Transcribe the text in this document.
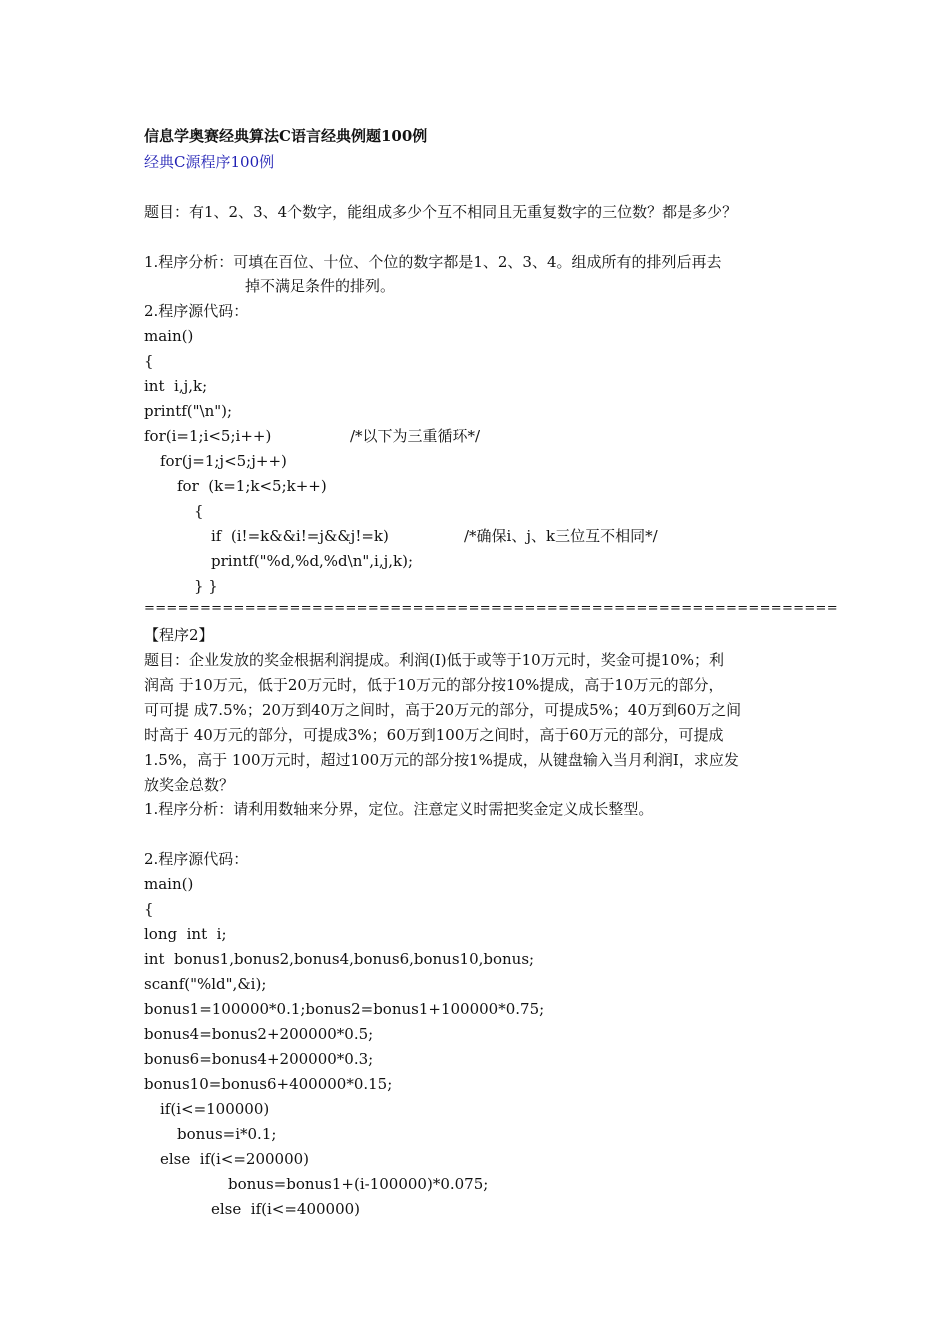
信息学奥赛经典算法C语言经典例题100例
经典C源程序100例
题目：有1、2、3、4个数字，能组成多少个互不相同且无重复数字的三位数？都是多少？
1.程序分析：可填在百位、十位、个位的数字都是1、2、3、4。组成所有的排列后再去
掉不满足条件的排列。
2.程序源代码：
main()
{
int  i,j,k;
printf("\n");
for(i=1;i<5;i++)	/*以下为三重循环*/
for(j=1;j<5;j++)
for  (k=1;k<5;k++)
{
if  (i!=k&&i!=j&&j!=k)	/*确保i、j、k三位互不相同*/
printf("%d,%d,%d\n",i,j,k);
} }
==============================================================
【程序2】
题目：企业发放的奖金根据利润提成。利润(I)低于或等于10万元时，奖金可提10%；利
润高 于10万元，低于20万元时，低于10万元的部分按10%提成，高于10万元的部分，
可可提 成7.5%；20万到40万之间时，高于20万元的部分，可提成5%；40万到60万之间
时高于 40万元的部分，可提成3%；60万到100万之间时，高于60万元的部分，可提成
1.5%，高于 100万元时，超过100万元的部分按1%提成，从键盘输入当月利润I，求应发
放奖金总数？
1.程序分析：请利用数轴来分界，定位。注意定义时需把奖金定义成长整型。
2.程序源代码：
main()
{
long  int  i;
int  bonus1,bonus2,bonus4,bonus6,bonus10,bonus;
scanf("%ld",&i);
bonus1=100000*0.1;bonus2=bonus1+100000*0.75;
bonus4=bonus2+200000*0.5;
bonus6=bonus4+200000*0.3;
bonus10=bonus6+400000*0.15;
if(i<=100000)
bonus=i*0.1;
else  if(i<=200000)
bonus=bonus1+(i-100000)*0.075;
else  if(i<=400000)
